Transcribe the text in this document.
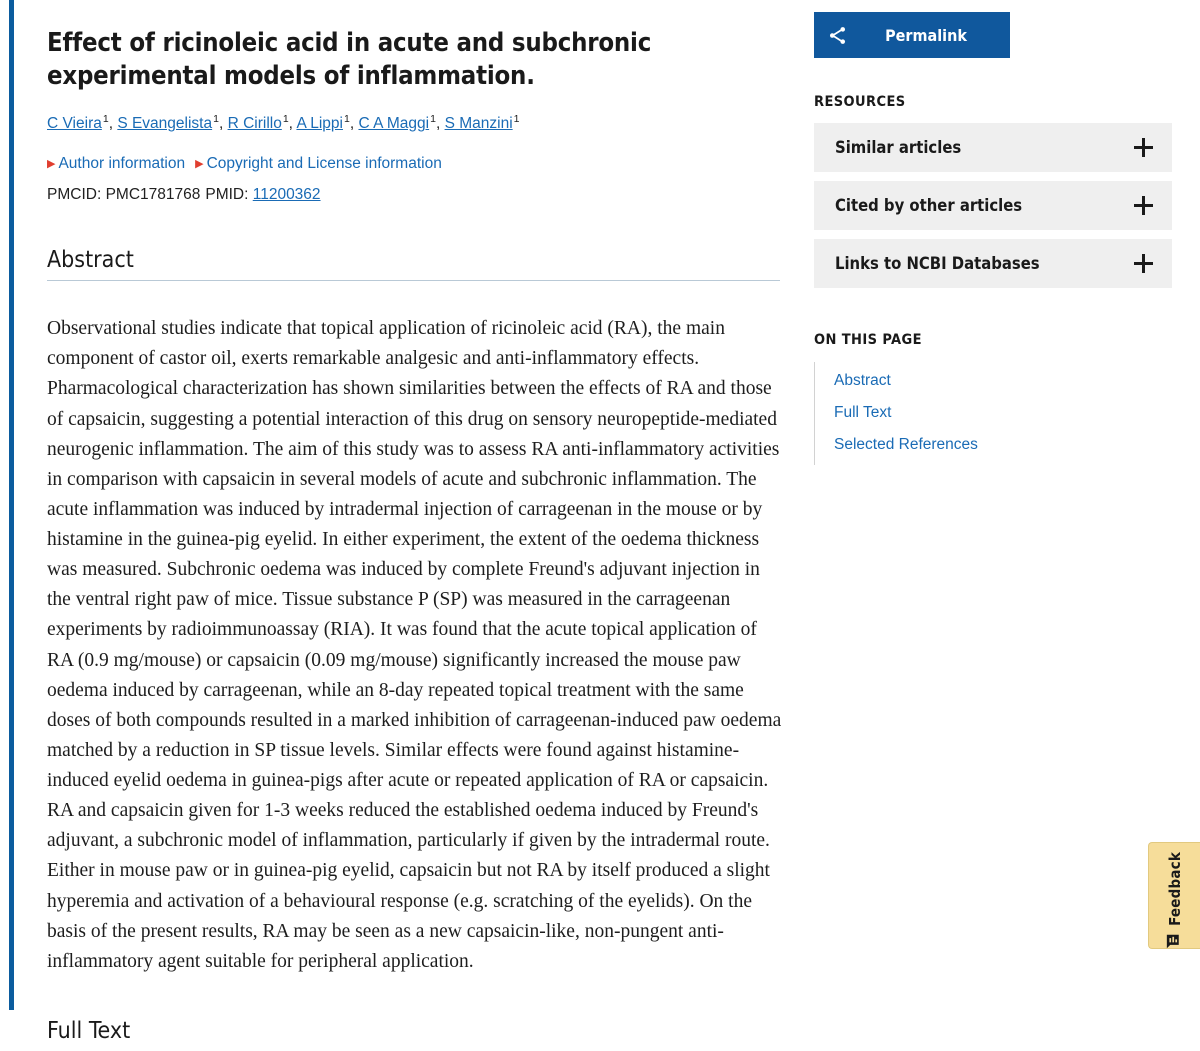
Effect of ricinoleic acid in acute and subchronic experimental models of inflammation.
C Vieira$^1$, S Evangelista$^1$, R Cirillo$^1$, A Lippi$^1$, C A Maggi$^1$, S Manzini$^1$
▶ Author information ▶ Copyright and License information
PMCID: PMC1781768 PMID: 11200362
Abstract
Observational studies indicate that topical application of ricinoleic acid (RA), the main component of castor oil, exerts remarkable analgesic and anti-inflammatory effects. Pharmacological characterization has shown similarities between the effects of RA and those of capsaicin, suggesting a potential interaction of this drug on sensory neuropeptide-mediated neurogenic inflammation. The aim of this study was to assess RA anti-inflammatory activities in comparison with capsaicin in several models of acute and subchronic inflammation. The acute inflammation was induced by intradermal injection of carrageenan in the mouse or by histamine in the guinea-pig eyelid. In either experiment, the extent of the oedema thickness was measured. Subchronic oedema was induced by complete Freund's adjuvant injection in the ventral right paw of mice. Tissue substance P (SP) was measured in the carrageenan experiments by radioimmunoassay (RIA). It was found that the acute topical application of RA (0.9 mg/mouse) or capsaicin (0.09 mg/mouse) significantly increased the mouse paw oedema induced by carrageenan, while an 8-day repeated topical treatment with the same doses of both compounds resulted in a marked inhibition of carrageenan-induced paw oedema matched by a reduction in SP tissue levels. Similar effects were found against histamine-induced eyelid oedema in guinea-pigs after acute or repeated application of RA or capsaicin. RA and capsaicin given for 1-3 weeks reduced the established oedema induced by Freund's adjuvant, a subchronic model of inflammation, particularly if given by the intradermal route. Either in mouse paw or in guinea-pig eyelid, capsaicin but not RA by itself produced a slight hyperemia and activation of a behavioural response (e.g. scratching of the eyelids). On the basis of the present results, RA may be seen as a new capsaicin-like, non-pungent anti-inflammatory agent suitable for peripheral application.
Full Text
Permalink
RESOURCES
Similar articles
Cited by other articles
Links to NCBI Databases
ON THIS PAGE
Abstract
Full Text
Selected References
Feedback
